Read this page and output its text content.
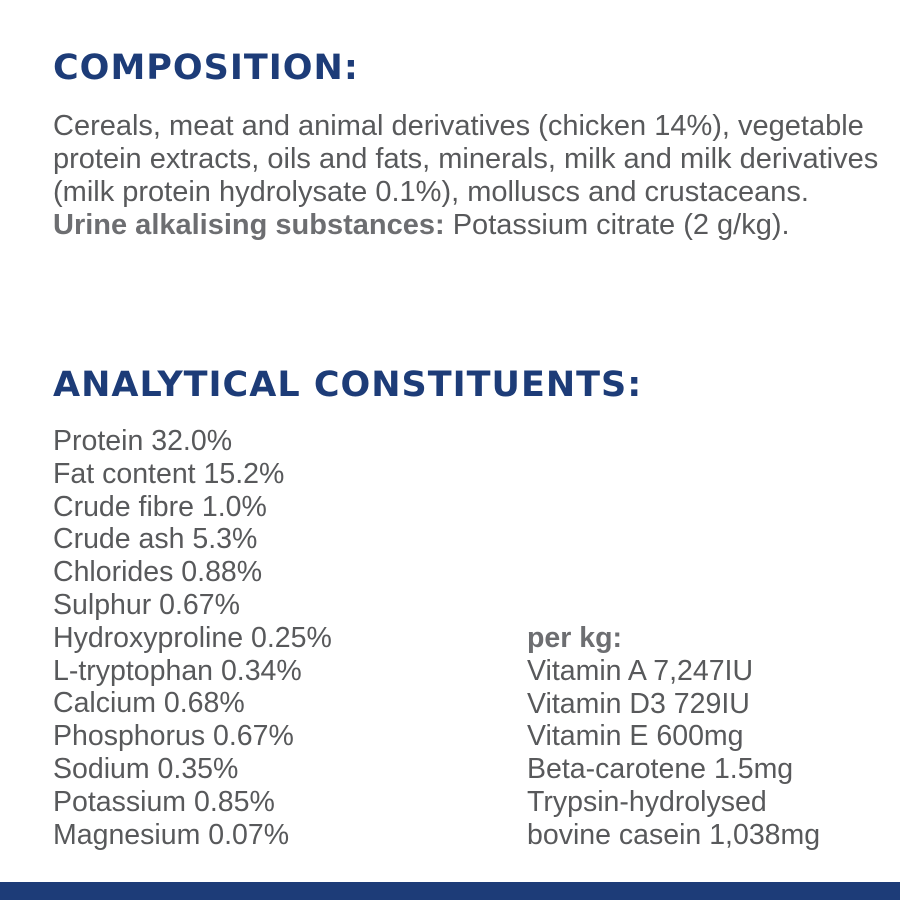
COMPOSITION:

Cereals, meat and animal derivatives (chicken 14%), vegetable protein extracts, oils and fats, minerals, milk and milk derivatives (milk protein hydrolysate 0.1%), molluscs and crustaceans.
Urine alkalising substances: Potassium citrate (2 g/kg).

ANALYTICAL CONSTITUENTS:
Protein 32.0%
Fat content 15.2%
Crude fibre 1.0%
Crude ash 5.3%
Chlorides 0.88%
Sulphur 0.67%
Hydroxyproline 0.25%
L-tryptophan 0.34%
Calcium 0.68%
Phosphorus 0.67%
Sodium 0.35%
Potassium 0.85%
Magnesium 0.07%
per kg:
Vitamin A 7,247IU
Vitamin D3 729IU
Vitamin E 600mg
Beta-carotene 1.5mg
Trypsin-hydrolysed
bovine casein 1,038mg
